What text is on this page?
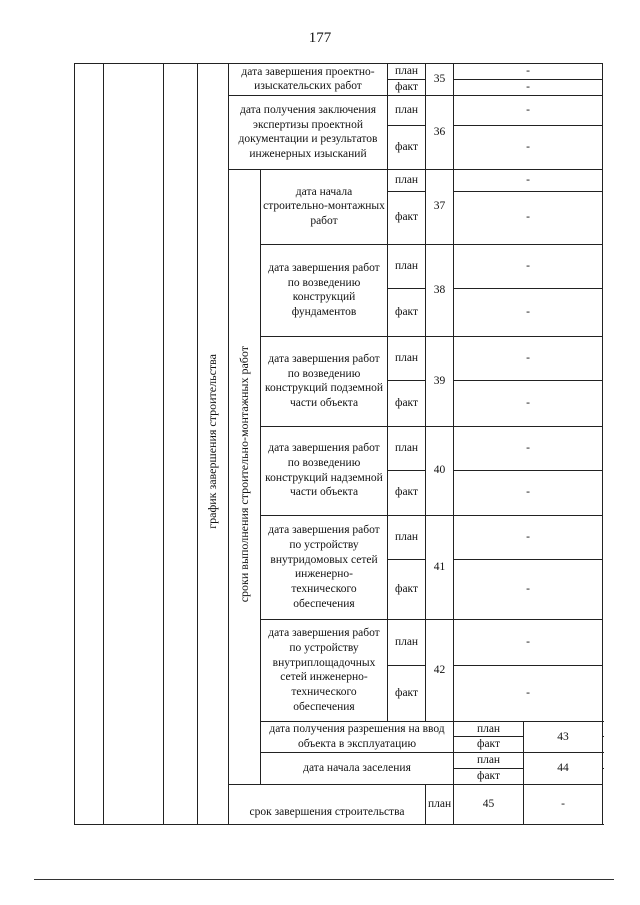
177
			график завершения строительства	дата завершения проектно-изыскательских работ		план	35	-		
						факт		-		
				дата получения заключения экспертизы проектной документации и результатов инженерных изысканий		план	36	-		
						факт		-		
				сроки выполнения строительно-монтажных работ	дата начала строительно-монтажных работ	план	37	-		
						факт		-		
					дата завершения работ по возведению конструкций фундаментов	план	38	-		
						факт		-		
					дата завершения работ по возведению конструкций подземной части объекта	план	39	-		
						факт		-		
					дата завершения работ по возведению конструкций надземной части объекта	план	40	-		
						факт		-		
					дата завершения работ по устройству внутридомовых сетей инженерно-технического обеспечения	план	41	-		
						факт		-		
					дата завершения работ по устройству внутриплощадочных сетей инженерно-технического обеспечения	план	42	-		
						факт		-		
					дата получения разрешения на ввод объекта в эксплуатацию			план	43	
								факт	
					дата начала заселения			план	44	
								факт	
				срок завершения строительства			план	45	-	
